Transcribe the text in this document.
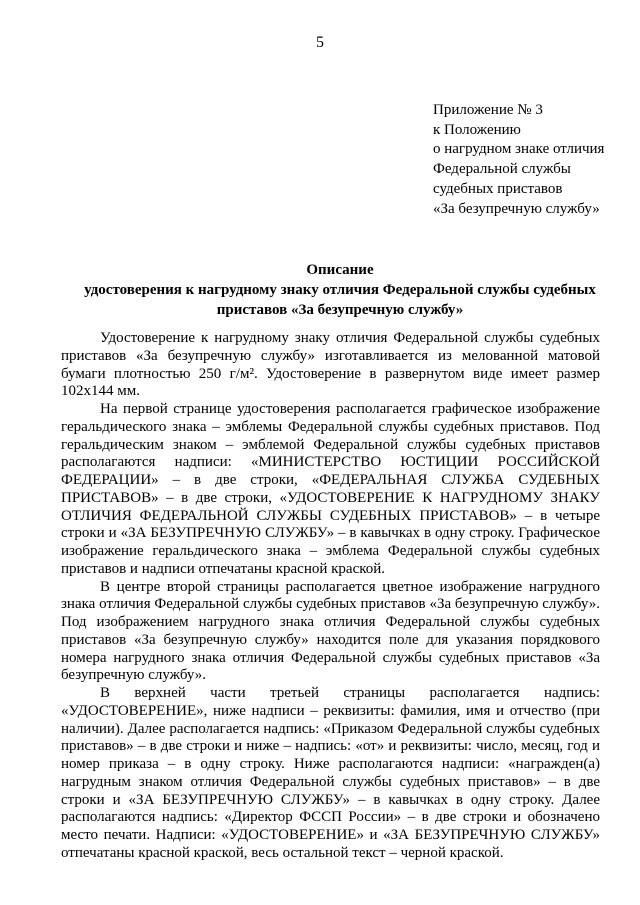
5
Приложение № 3
к Положению
о нагрудном знаке отличия
Федеральной службы
судебных приставов
«За безупречную службу»
Описание
удостоверения к нагрудному знаку отличия Федеральной службы судебных приставов «За безупречную службу»

Удостоверение к нагрудному знаку отличия Федеральной службы судебных приставов «За безупречную службу» изготавливается из мелованной матовой бумаги плотностью 250 г/м². Удостоверение в развернутом виде имеет размер 102х144 мм.

На первой странице удостоверения располагается графическое изображение геральдического знака – эмблемы Федеральной службы судебных приставов. Под геральдическим знаком – эмблемой Федеральной службы судебных приставов располагаются надписи: «МИНИСТЕРСТВО ЮСТИЦИИ РОССИЙСКОЙ ФЕДЕРАЦИИ» – в две строки, «ФЕДЕРАЛЬНАЯ СЛУЖБА СУДЕБНЫХ ПРИСТАВОВ» – в две строки, «УДОСТОВЕРЕНИЕ К НАГРУДНОМУ ЗНАКУ ОТЛИЧИЯ ФЕДЕРАЛЬНОЙ СЛУЖБЫ СУДЕБНЫХ ПРИСТАВОВ» – в четыре строки и «ЗА БЕЗУПРЕЧНУЮ СЛУЖБУ» – в кавычках в одну строку. Графическое изображение геральдического знака – эмблема Федеральной службы судебных приставов и надписи отпечатаны красной краской.

В центре второй страницы располагается цветное изображение нагрудного знака отличия Федеральной службы судебных приставов «За безупречную службу». Под изображением нагрудного знака отличия Федеральной службы судебных приставов «За безупречную службу» находится поле для указания порядкового номера нагрудного знака отличия Федеральной службы судебных приставов «За безупречную службу».

В верхней части третьей страницы располагается надпись: «УДОСТОВЕРЕНИЕ», ниже надписи – реквизиты: фамилия, имя и отчество (при наличии). Далее располагается надпись: «Приказом Федеральной службы судебных приставов» – в две строки и ниже – надпись: «от» и реквизиты: число, месяц, год и номер приказа – в одну строку. Ниже располагаются надписи: «награжден(а) нагрудным знаком отличия Федеральной службы судебных приставов» – в две строки и «ЗА БЕЗУПРЕЧНУЮ СЛУЖБУ» – в кавычках в одну строку. Далее располагаются надпись: «Директор ФССП России» – в две строки и обозначено место печати. Надписи: «УДОСТОВЕРЕНИЕ» и «ЗА БЕЗУПРЕЧНУЮ СЛУЖБУ» отпечатаны красной краской, весь остальной текст – черной краской.
